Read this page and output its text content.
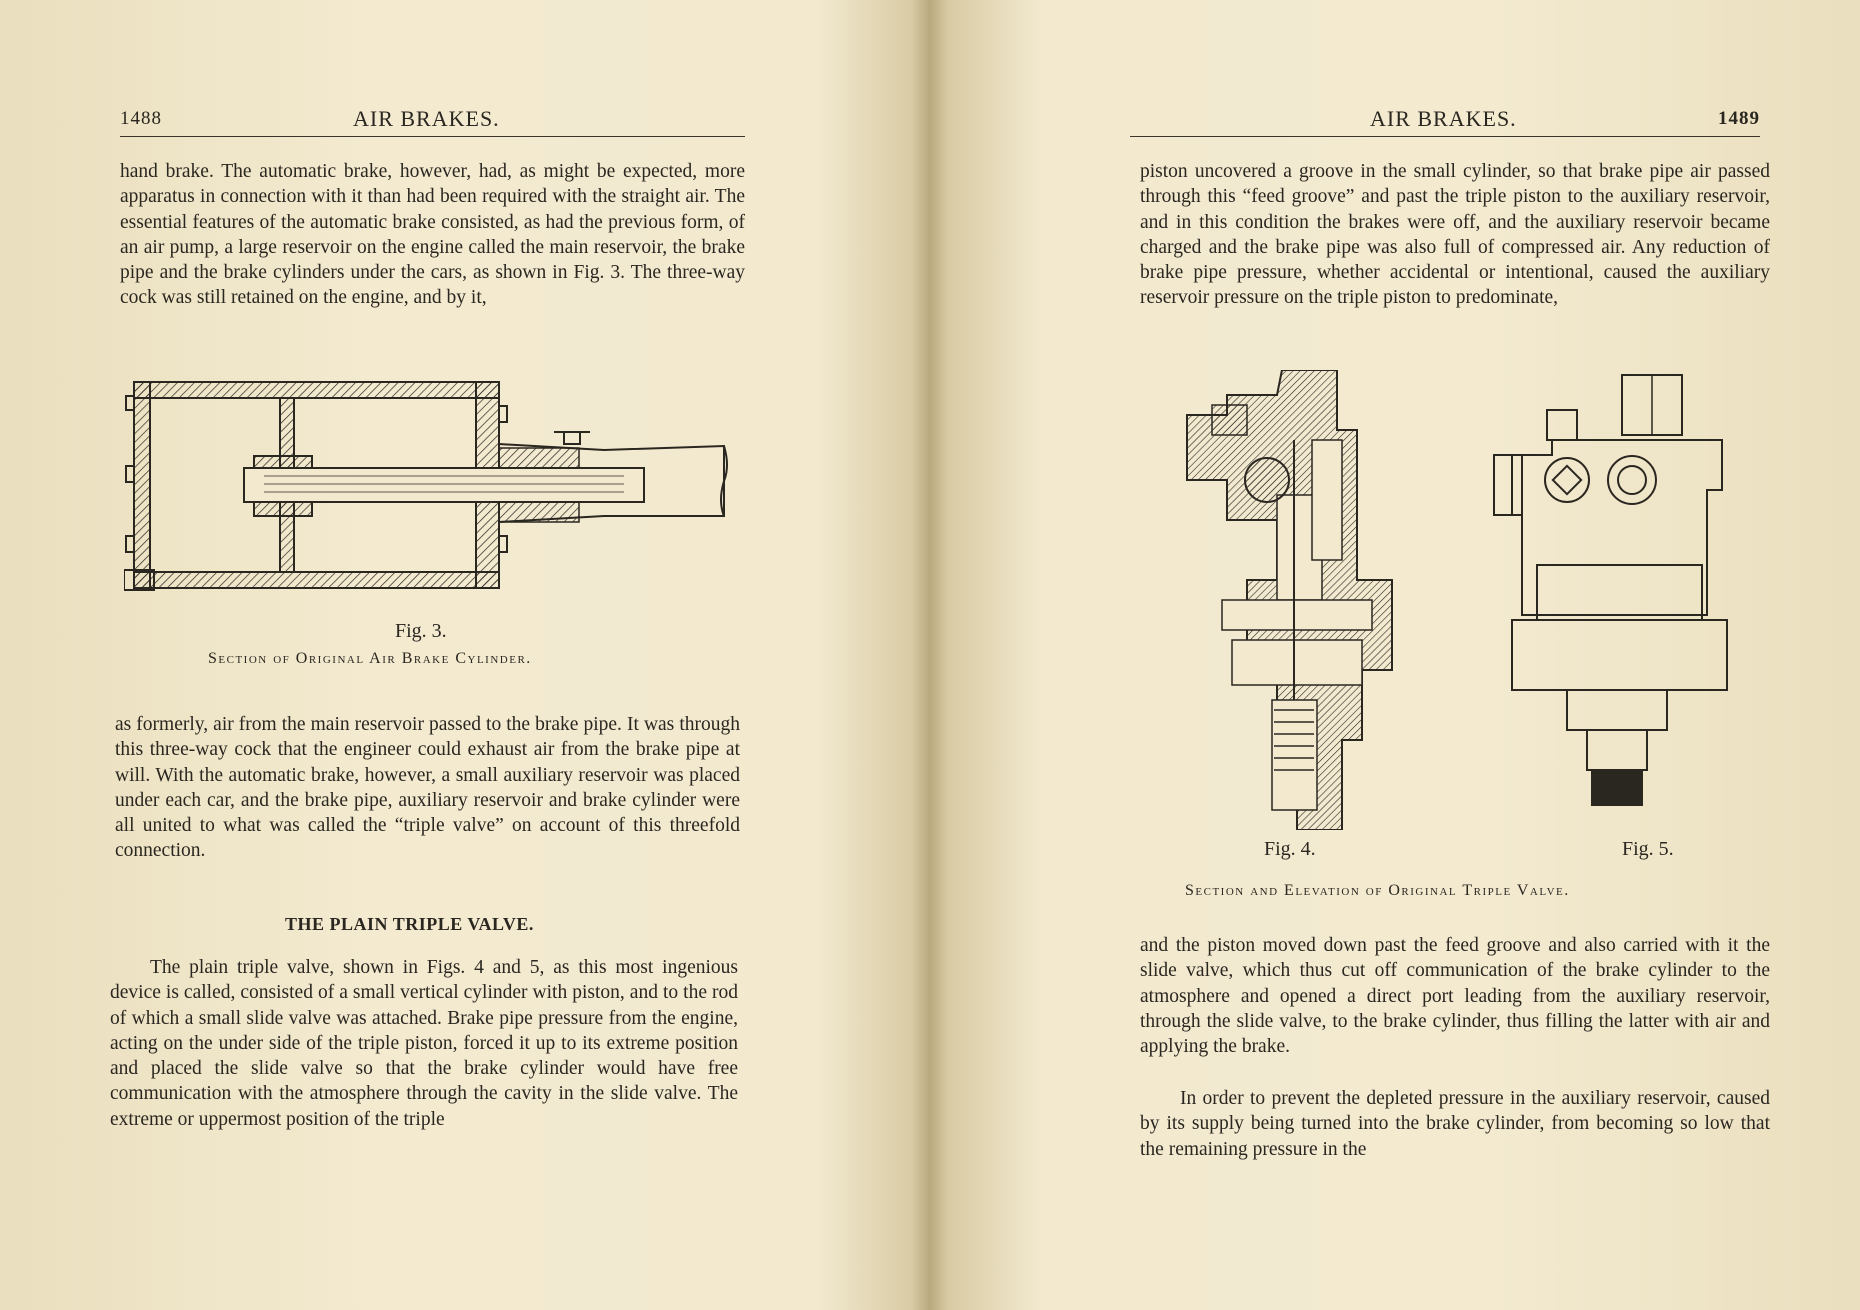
1488	AIR BRAKES.

hand brake. The automatic brake, however, had, as might be expected, more apparatus in connection with it than had been required with the straight air. The essential features of the automatic brake consisted, as had the previous form, of an air pump, a large reservoir on the engine called the main reservoir, the brake pipe and the brake cylinders under the cars, as shown in Fig. 3. The three-way cock was still retained on the engine, and by it,

Fig. 3.
Section of Original Air Brake Cylinder.

as formerly, air from the main reservoir passed to the brake pipe. It was through this three-way cock that the engineer could exhaust air from the brake pipe at will. With the automatic brake, however, a small auxiliary reservoir was placed under each car, and the brake pipe, auxiliary reservoir and brake cylinder were all united to what was called the “triple valve” on account of this threefold connection.

THE PLAIN TRIPLE VALVE.

The plain triple valve, shown in Figs. 4 and 5, as this most ingenious device is called, consisted of a small vertical cylinder with piston, and to the rod of which a small slide valve was attached. Brake pipe pressure from the engine, acting on the under side of the triple piston, forced it up to its extreme position and placed the slide valve so that the brake cylinder would have free communication with the atmosphere through the cavity in the slide valve. The extreme or uppermost position of the triple

AIR BRAKES.	1489

piston uncovered a groove in the small cylinder, so that brake pipe air passed through this “feed groove” and past the triple piston to the auxiliary reservoir, and in this condition the brakes were off, and the auxiliary reservoir became charged and the brake pipe was also full of compressed air. Any reduction of brake pipe pressure, whether accidental or intentional, caused the auxiliary reservoir pressure on the triple piston to predominate,

Fig. 4.	Fig. 5.
Section and Elevation of Original Triple Valve.

and the piston moved down past the feed groove and also carried with it the slide valve, which thus cut off communication of the brake cylinder to the atmosphere and opened a direct port leading from the auxiliary reservoir, through the slide valve, to the brake cylinder, thus filling the latter with air and applying the brake.

In order to prevent the depleted pressure in the auxiliary reservoir, caused by its supply being turned into the brake cylinder, from becoming so low that the remaining pressure in the
